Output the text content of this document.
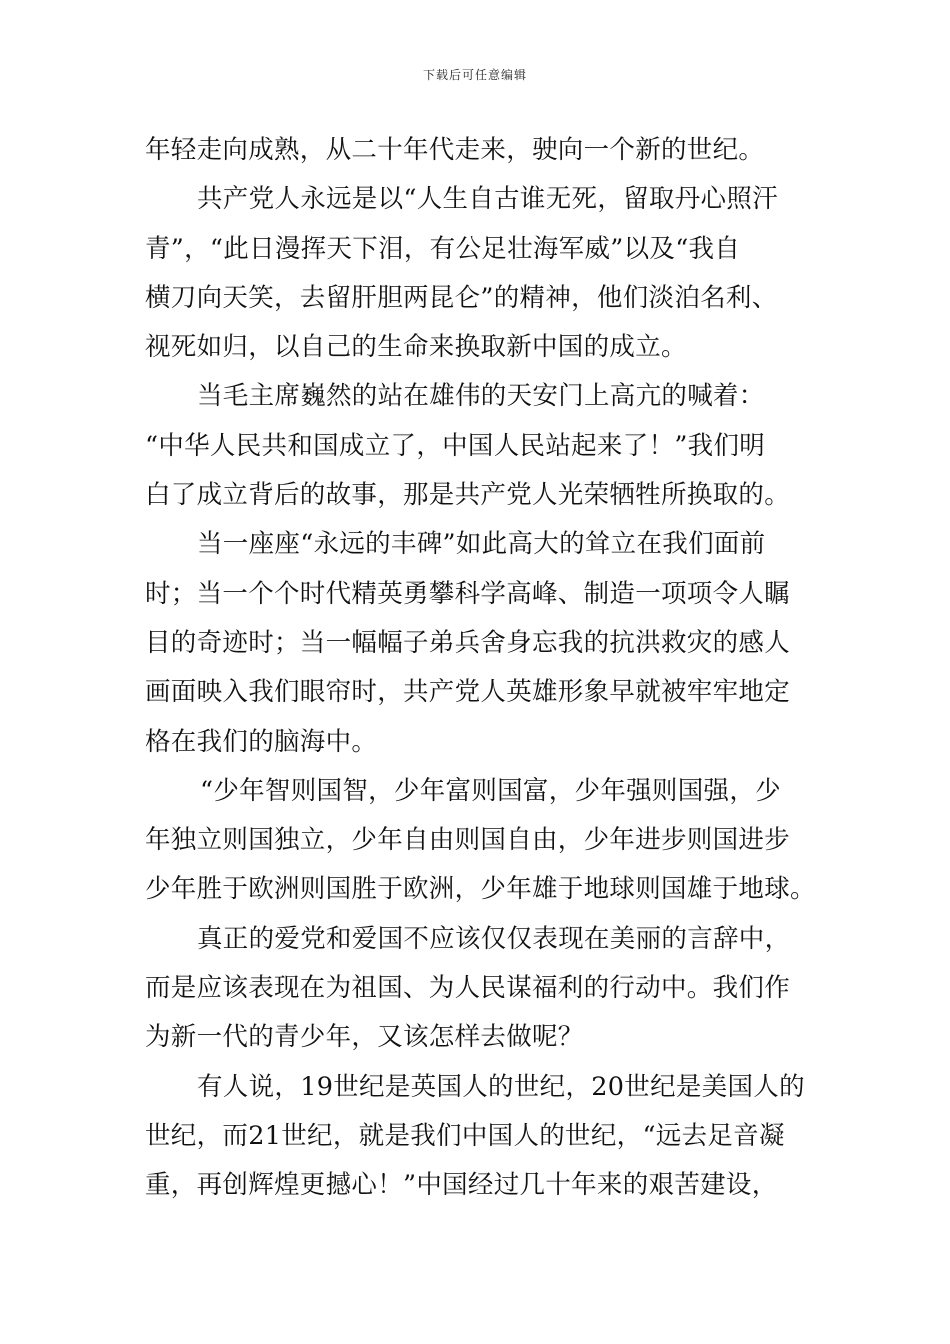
下载后可任意编辑
年轻走向成熟，从二十年代走来，驶向一个新的世纪。
共产党人永远是以“人生自古谁无死，留取丹心照汗
青”，“此日漫挥天下泪，有公足壮海军威”以及“我自
横刀向天笑，去留肝胆两昆仑”的精神，他们淡泊名利、
视死如归，以自己的生命来换取新中国的成立。
当毛主席巍然的站在雄伟的天安门上高亢的喊着：
“中华人民共和国成立了，中国人民站起来了！”我们明
白了成立背后的故事，那是共产党人光荣牺牲所换取的。
当一座座“永远的丰碑”如此高大的耸立在我们面前
时；当一个个时代精英勇攀科学高峰、制造一项项令人瞩
目的奇迹时；当一幅幅子弟兵舍身忘我的抗洪救灾的感人
画面映入我们眼帘时，共产党人英雄形象早就被牢牢地定
格在我们的脑海中。
“少年智则国智，少年富则国富，少年强则国强，少
年独立则国独立，少年自由则国自由，少年进步则国进步
少年胜于欧洲则国胜于欧洲，少年雄于地球则国雄于地球。
真正的爱党和爱国不应该仅仅表现在美丽的言辞中，
而是应该表现在为祖国、为人民谋福利的行动中。我们作
为新一代的青少年，又该怎样去做呢？
有人说，19世纪是英国人的世纪，20世纪是美国人的
世纪，而21世纪，就是我们中国人的世纪，“远去足音凝
重，再创辉煌更撼心！”中国经过几十年来的艰苦建设，
